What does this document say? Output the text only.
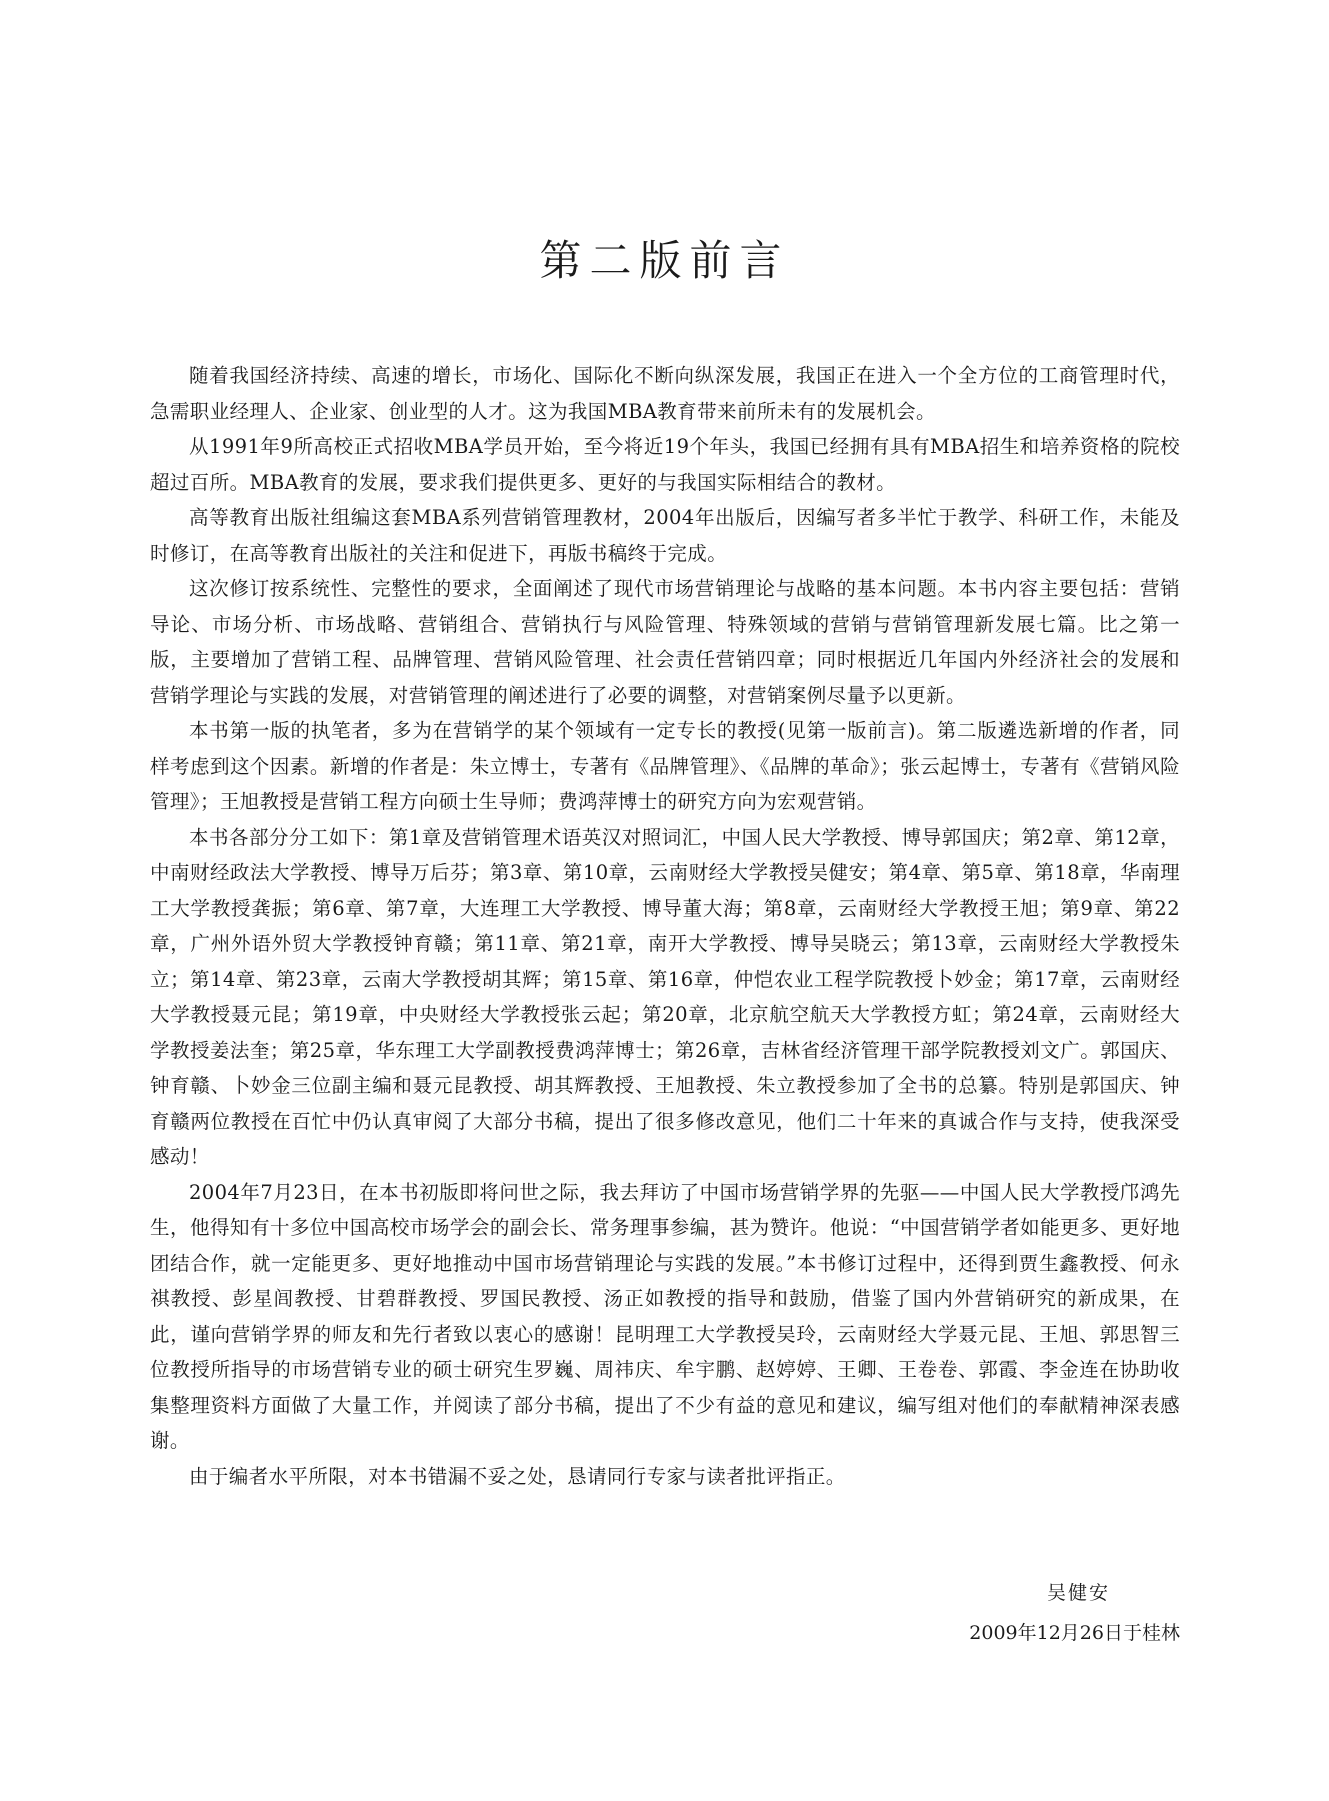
第二版前言

随着我国经济持续、高速的增长，市场化、国际化不断向纵深发展，我国正在进入一个全方位的工商管理时代，急需职业经理人、企业家、创业型的人才。这为我国MBA教育带来前所未有的发展机会。

从1991年9所高校正式招收MBA学员开始，至今将近19个年头，我国已经拥有具有MBA招生和培养资格的院校超过百所。MBA教育的发展，要求我们提供更多、更好的与我国实际相结合的教材。

高等教育出版社组编这套MBA系列营销管理教材，2004年出版后，因编写者多半忙于教学、科研工作，未能及时修订，在高等教育出版社的关注和促进下，再版书稿终于完成。

这次修订按系统性、完整性的要求，全面阐述了现代市场营销理论与战略的基本问题。本书内容主要包括：营销导论、市场分析、市场战略、营销组合、营销执行与风险管理、特殊领域的营销与营销管理新发展七篇。比之第一版，主要增加了营销工程、品牌管理、营销风险管理、社会责任营销四章；同时根据近几年国内外经济社会的发展和营销学理论与实践的发展，对营销管理的阐述进行了必要的调整，对营销案例尽量予以更新。

本书第一版的执笔者，多为在营销学的某个领域有一定专长的教授(见第一版前言)。第二版遴选新增的作者，同样考虑到这个因素。新增的作者是：朱立博士，专著有《品牌管理》、《品牌的革命》；张云起博士，专著有《营销风险管理》；王旭教授是营销工程方向硕士生导师；费鸿萍博士的研究方向为宏观营销。

本书各部分分工如下：第1章及营销管理术语英汉对照词汇，中国人民大学教授、博导郭国庆；第2章、第12章，中南财经政法大学教授、博导万后芬；第3章、第10章，云南财经大学教授吴健安；第4章、第5章、第18章，华南理工大学教授龚振；第6章、第7章，大连理工大学教授、博导董大海；第8章，云南财经大学教授王旭；第9章、第22章，广州外语外贸大学教授钟育赣；第11章、第21章，南开大学教授、博导吴晓云；第13章，云南财经大学教授朱立；第14章、第23章，云南大学教授胡其辉；第15章、第16章，仲恺农业工程学院教授卜妙金；第17章，云南财经大学教授聂元昆；第19章，中央财经大学教授张云起；第20章，北京航空航天大学教授方虹；第24章，云南财经大学教授姜法奎；第25章，华东理工大学副教授费鸿萍博士；第26章，吉林省经济管理干部学院教授刘文广。郭国庆、钟育赣、卜妙金三位副主编和聂元昆教授、胡其辉教授、王旭教授、朱立教授参加了全书的总纂。特别是郭国庆、钟育赣两位教授在百忙中仍认真审阅了大部分书稿，提出了很多修改意见，他们二十年来的真诚合作与支持，使我深受感动！

2004年7月23日，在本书初版即将问世之际，我去拜访了中国市场营销学界的先驱——中国人民大学教授邝鸿先生，他得知有十多位中国高校市场学会的副会长、常务理事参编，甚为赞许。他说：“中国营销学者如能更多、更好地团结合作，就一定能更多、更好地推动中国市场营销理论与实践的发展。”本书修订过程中，还得到贾生鑫教授、何永祺教授、彭星闾教授、甘碧群教授、罗国民教授、汤正如教授的指导和鼓励，借鉴了国内外营销研究的新成果，在此，谨向营销学界的师友和先行者致以衷心的感谢！昆明理工大学教授吴玲，云南财经大学聂元昆、王旭、郭思智三位教授所指导的市场营销专业的硕士研究生罗巍、周祎庆、牟宇鹏、赵婷婷、王卿、王卷卷、郭霞、李金连在协助收集整理资料方面做了大量工作，并阅读了部分书稿，提出了不少有益的意见和建议，编写组对他们的奉献精神深表感谢。

由于编者水平所限，对本书错漏不妥之处，恳请同行专家与读者批评指正。

吴健安
2009年12月26日于桂林
